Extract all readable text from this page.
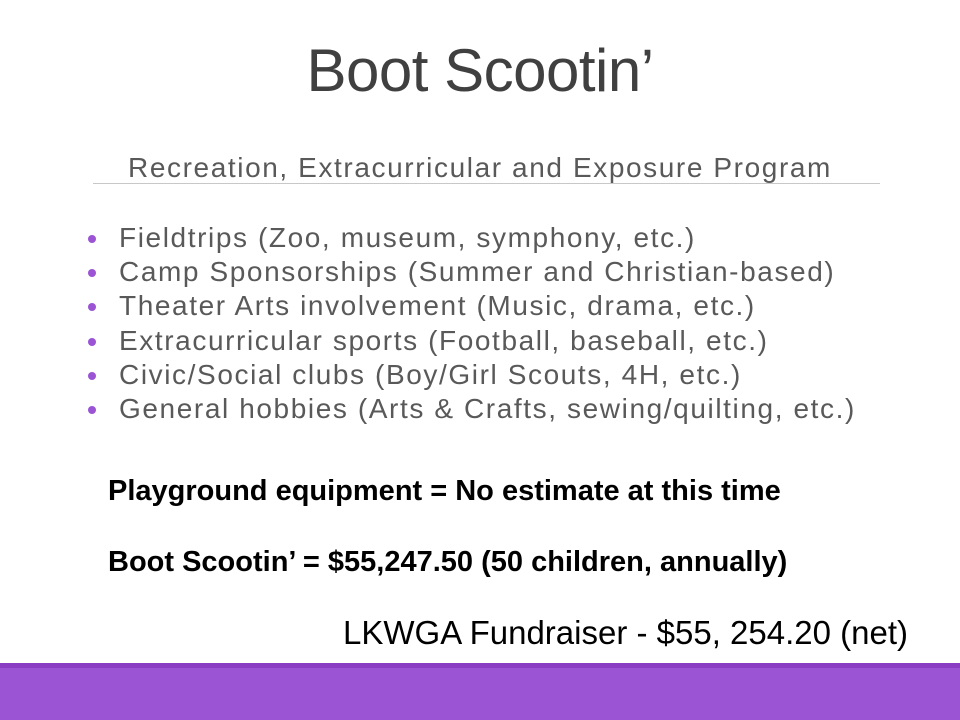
Boot Scootin’
Recreation, Extracurricular and Exposure Program
Fieldtrips (Zoo, museum, symphony, etc.)
Camp Sponsorships (Summer and Christian-based)
Theater Arts involvement (Music, drama, etc.)
Extracurricular sports (Football, baseball, etc.)
Civic/Social clubs (Boy/Girl Scouts, 4H, etc.)
General hobbies (Arts & Crafts, sewing/quilting, etc.)
Playground equipment = No estimate at this time
Boot Scootin’ = $55,247.50 (50 children, annually)
LKWGA Fundraiser - $55, 254.20 (net)
